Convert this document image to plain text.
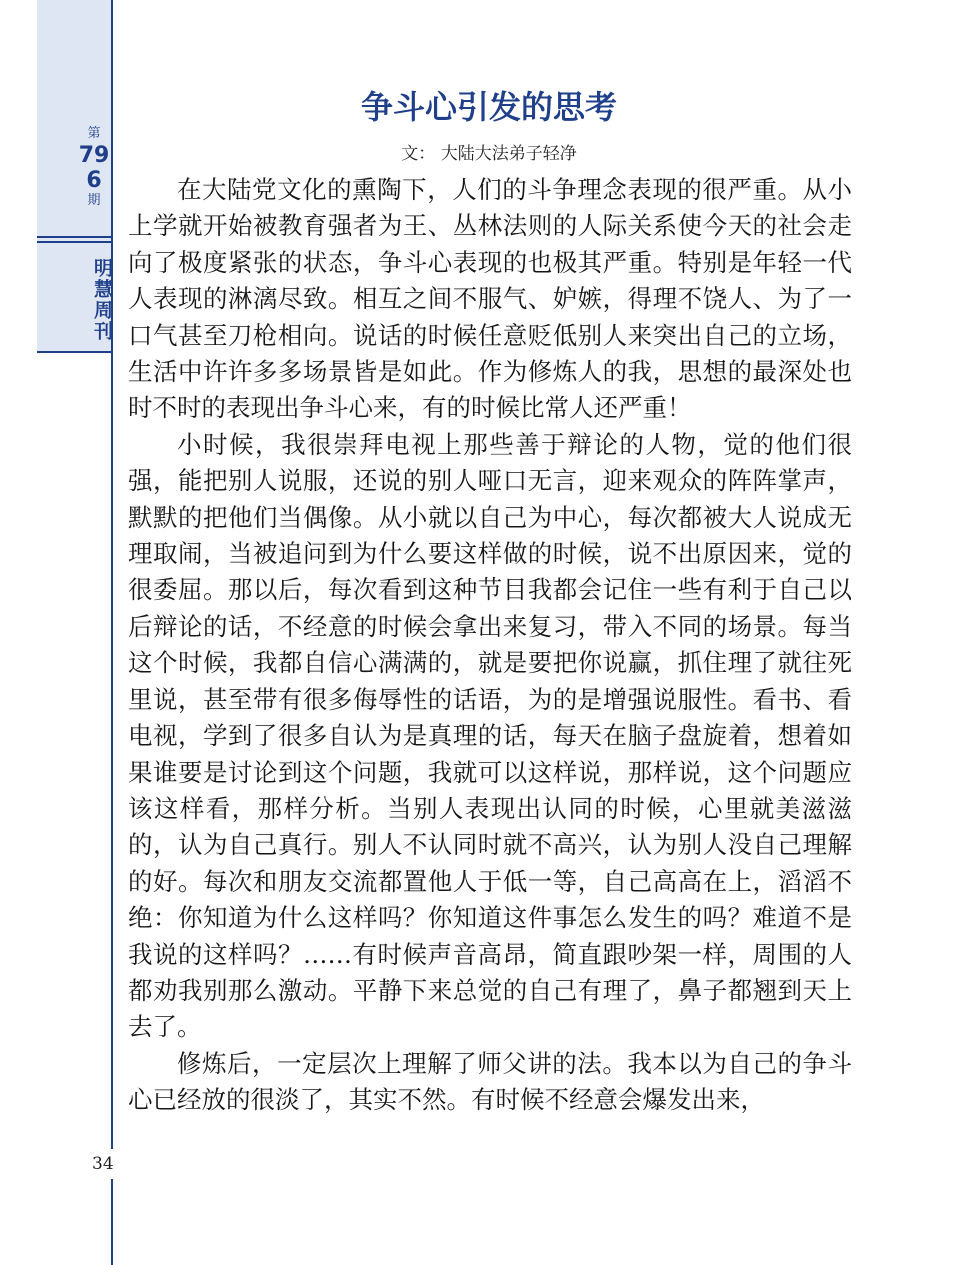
第
796
期
明慧周刊
争斗心引发的思考
文： 大陆大法弟子轻净

在大陆党文化的熏陶下，人们的斗争理念表现的很严重。从小上学就开始被教育强者为王、丛林法则的人际关系使今天的社会走向了极度紧张的状态，争斗心表现的也极其严重。特别是年轻一代人表现的淋漓尽致。相互之间不服气、妒嫉，得理不饶人、为了一口气甚至刀枪相向。说话的时候任意贬低别人来突出自己的立场，生活中许许多多场景皆是如此。作为修炼人的我，思想的最深处也时不时的表现出争斗心来，有的时候比常人还严重！

小时候，我很崇拜电视上那些善于辩论的人物，觉的他们很强，能把别人说服，还说的别人哑口无言，迎来观众的阵阵掌声，默默的把他们当偶像。从小就以自己为中心，每次都被大人说成无理取闹，当被追问到为什么要这样做的时候，说不出原因来，觉的很委屈。那以后，每次看到这种节目我都会记住一些有利于自己以后辩论的话，不经意的时候会拿出来复习，带入不同的场景。每当这个时候，我都自信心满满的，就是要把你说赢，抓住理了就往死里说，甚至带有很多侮辱性的话语，为的是增强说服性。看书、看电视，学到了很多自认为是真理的话，每天在脑子盘旋着，想着如果谁要是讨论到这个问题，我就可以这样说，那样说，这个问题应该这样看，那样分析。当别人表现出认同的时候，心里就美滋滋的，认为自己真行。别人不认同时就不高兴，认为别人没自己理解的好。每次和朋友交流都置他人于低一等，自己高高在上，滔滔不绝：你知道为什么这样吗？你知道这件事怎么发生的吗？难道不是我说的这样吗？……有时候声音高昂，简直跟吵架一样，周围的人都劝我别那么激动。平静下来总觉的自己有理了，鼻子都翘到天上去了。

修炼后，一定层次上理解了师父讲的法。我本以为自己的争斗心已经放的很淡了，其实不然。有时候不经意会爆发出来，

34
